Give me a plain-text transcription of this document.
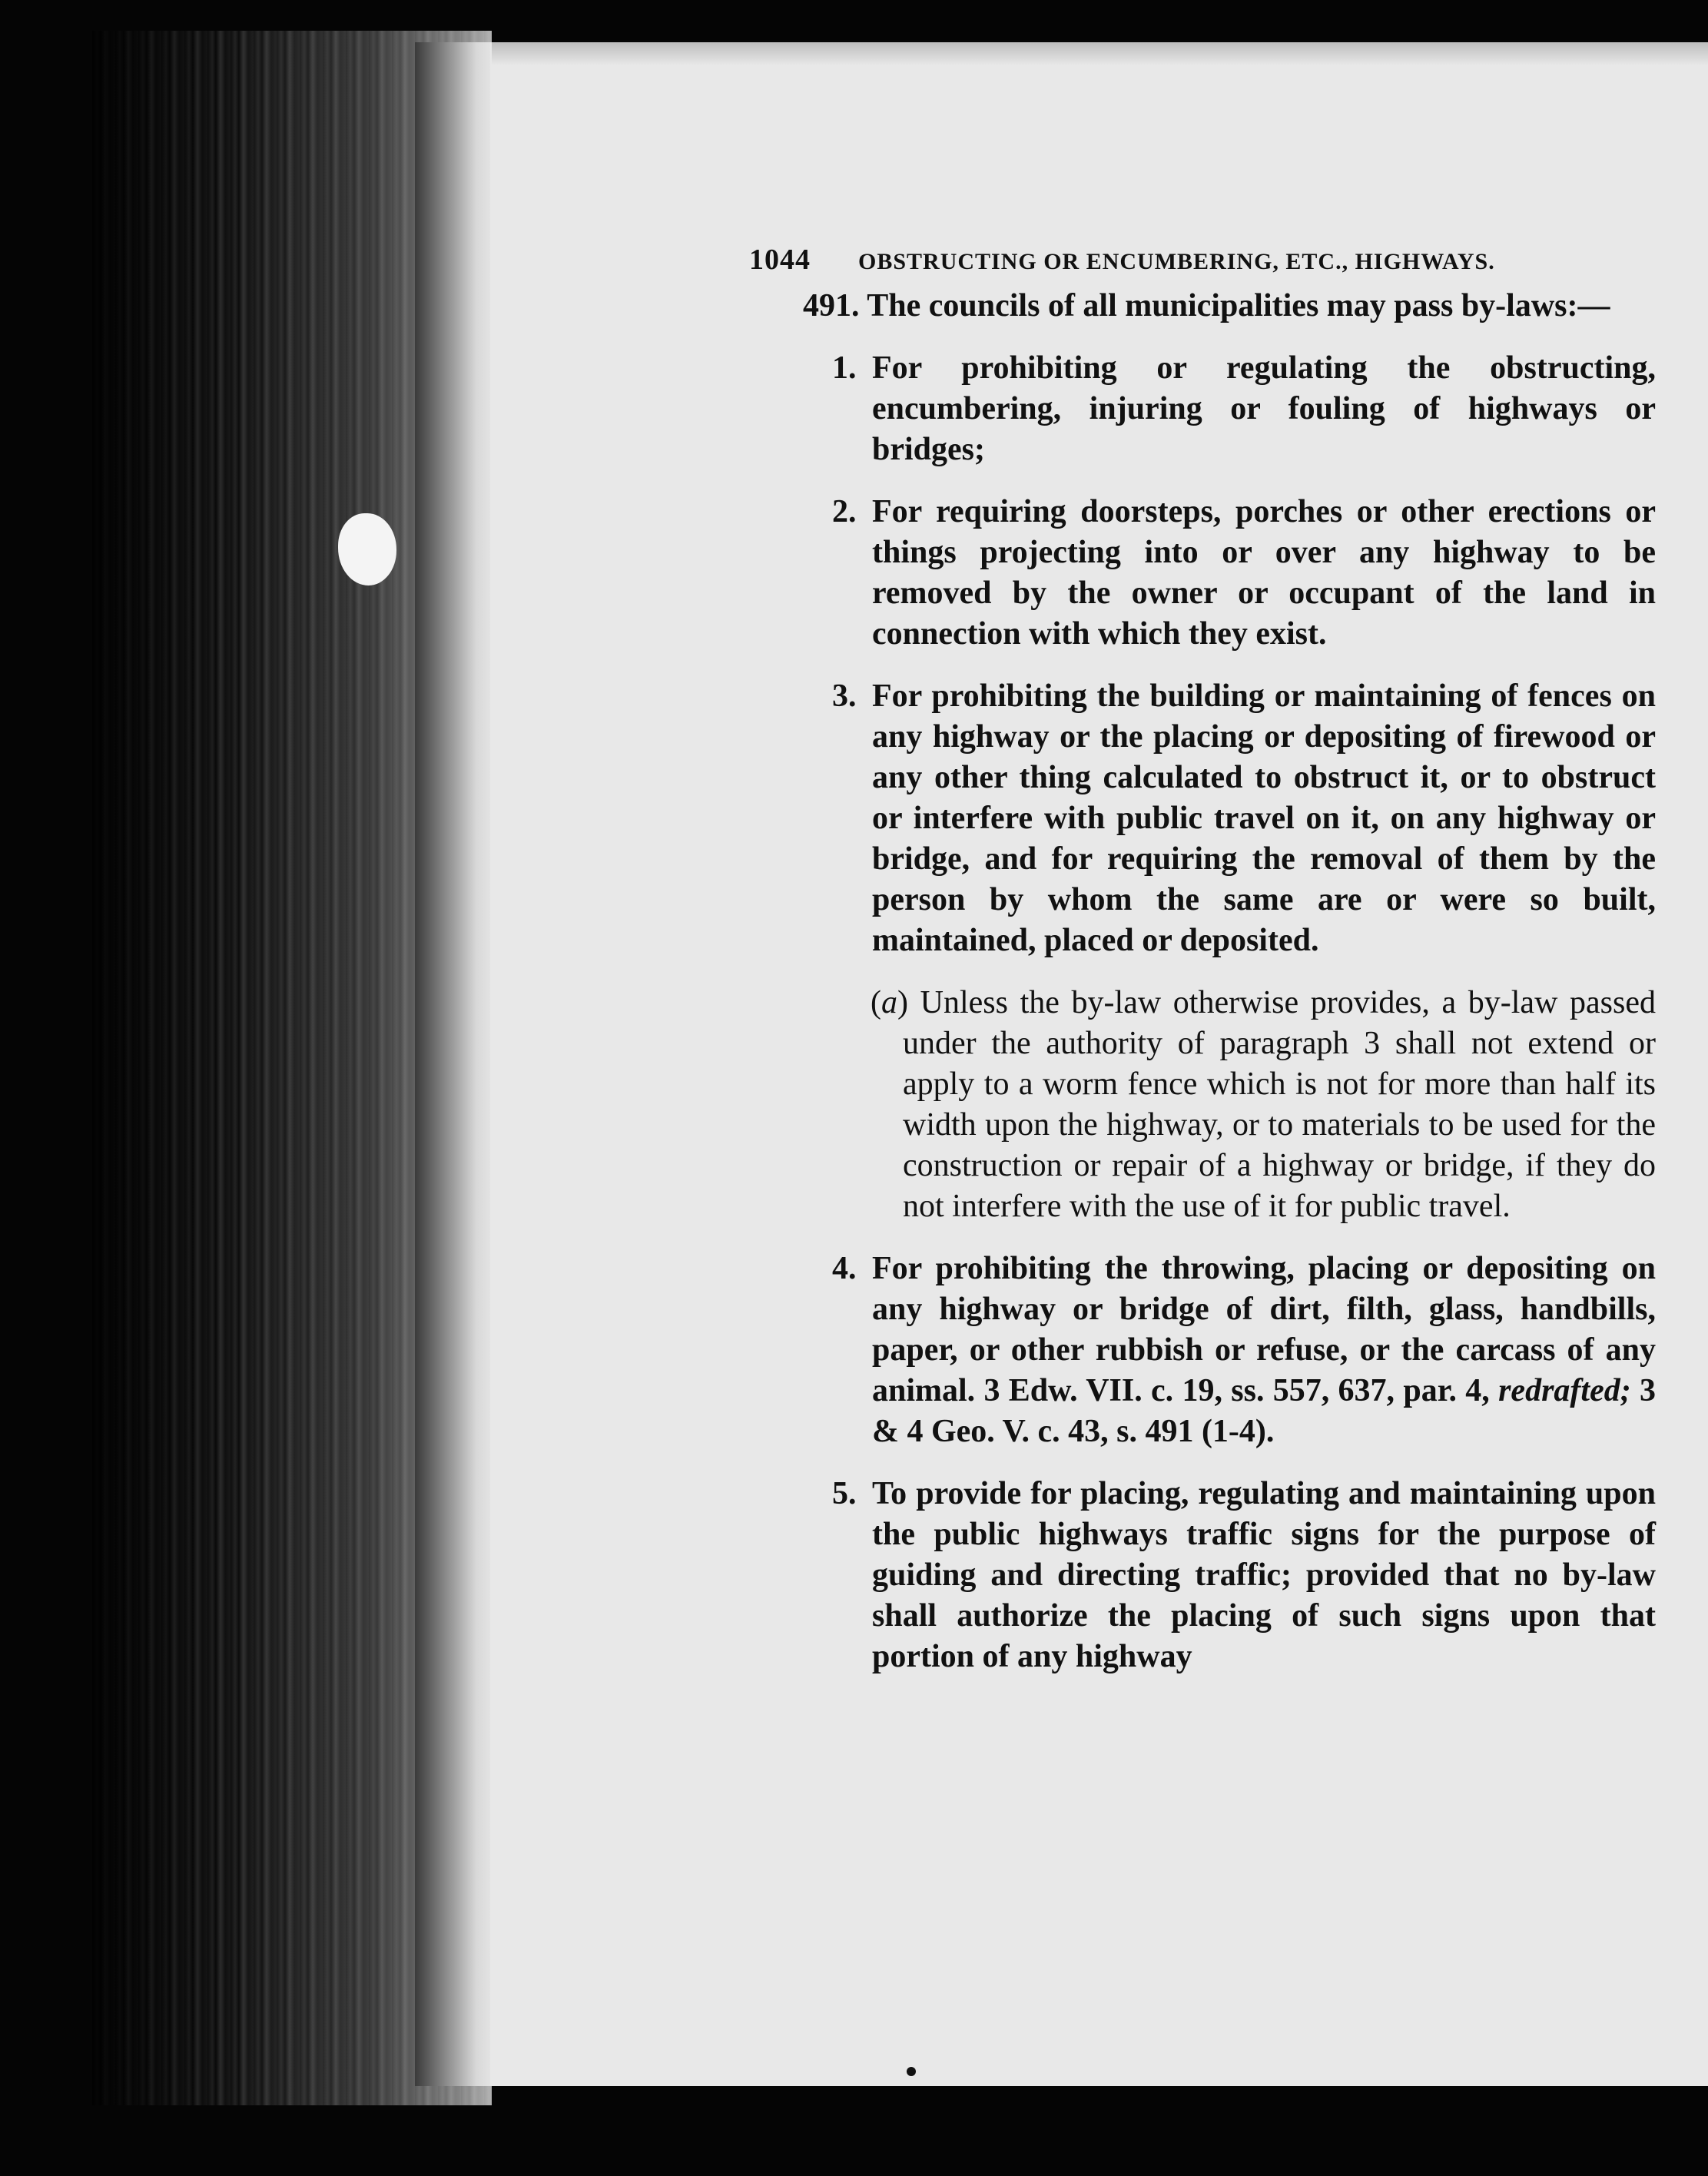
1044 OBSTRUCTING OR ENCUMBERING, ETC., HIGHWAYS.

491. The councils of all municipalities may pass by-laws:—

1. For prohibiting or regulating the obstructing, encumbering, injuring or fouling of highways or bridges;
2. For requiring doorsteps, porches or other erections or things projecting into or over any highway to be removed by the owner or occupant of the land in connection with which they exist.
3. For prohibiting the building or maintaining of fences on any highway or the placing or depositing of firewood or any other thing calculated to obstruct it, or to obstruct or interfere with public travel on it, on any highway or bridge, and for requiring the removal of them by the person by whom the same are or were so built, maintained, placed or deposited.
(a) Unless the by-law otherwise provides, a by-law passed under the authority of paragraph 3 shall not extend or apply to a worm fence which is not for more than half its width upon the highway, or to materials to be used for the construction or repair of a highway or bridge, if they do not interfere with the use of it for public travel.
4. For prohibiting the throwing, placing or depositing on any highway or bridge of dirt, filth, glass, handbills, paper, or other rubbish or refuse, or the carcass of any animal. 3 Edw. VII. c. 19, ss. 557, 637, par. 4, redrafted; 3 & 4 Geo. V. c. 43, s. 491 (1-4).
5. To provide for placing, regulating and maintaining upon the public highways traffic signs for the purpose of guiding and directing traffic; provided that no by-law shall authorize the placing of such signs upon that portion of any highway
